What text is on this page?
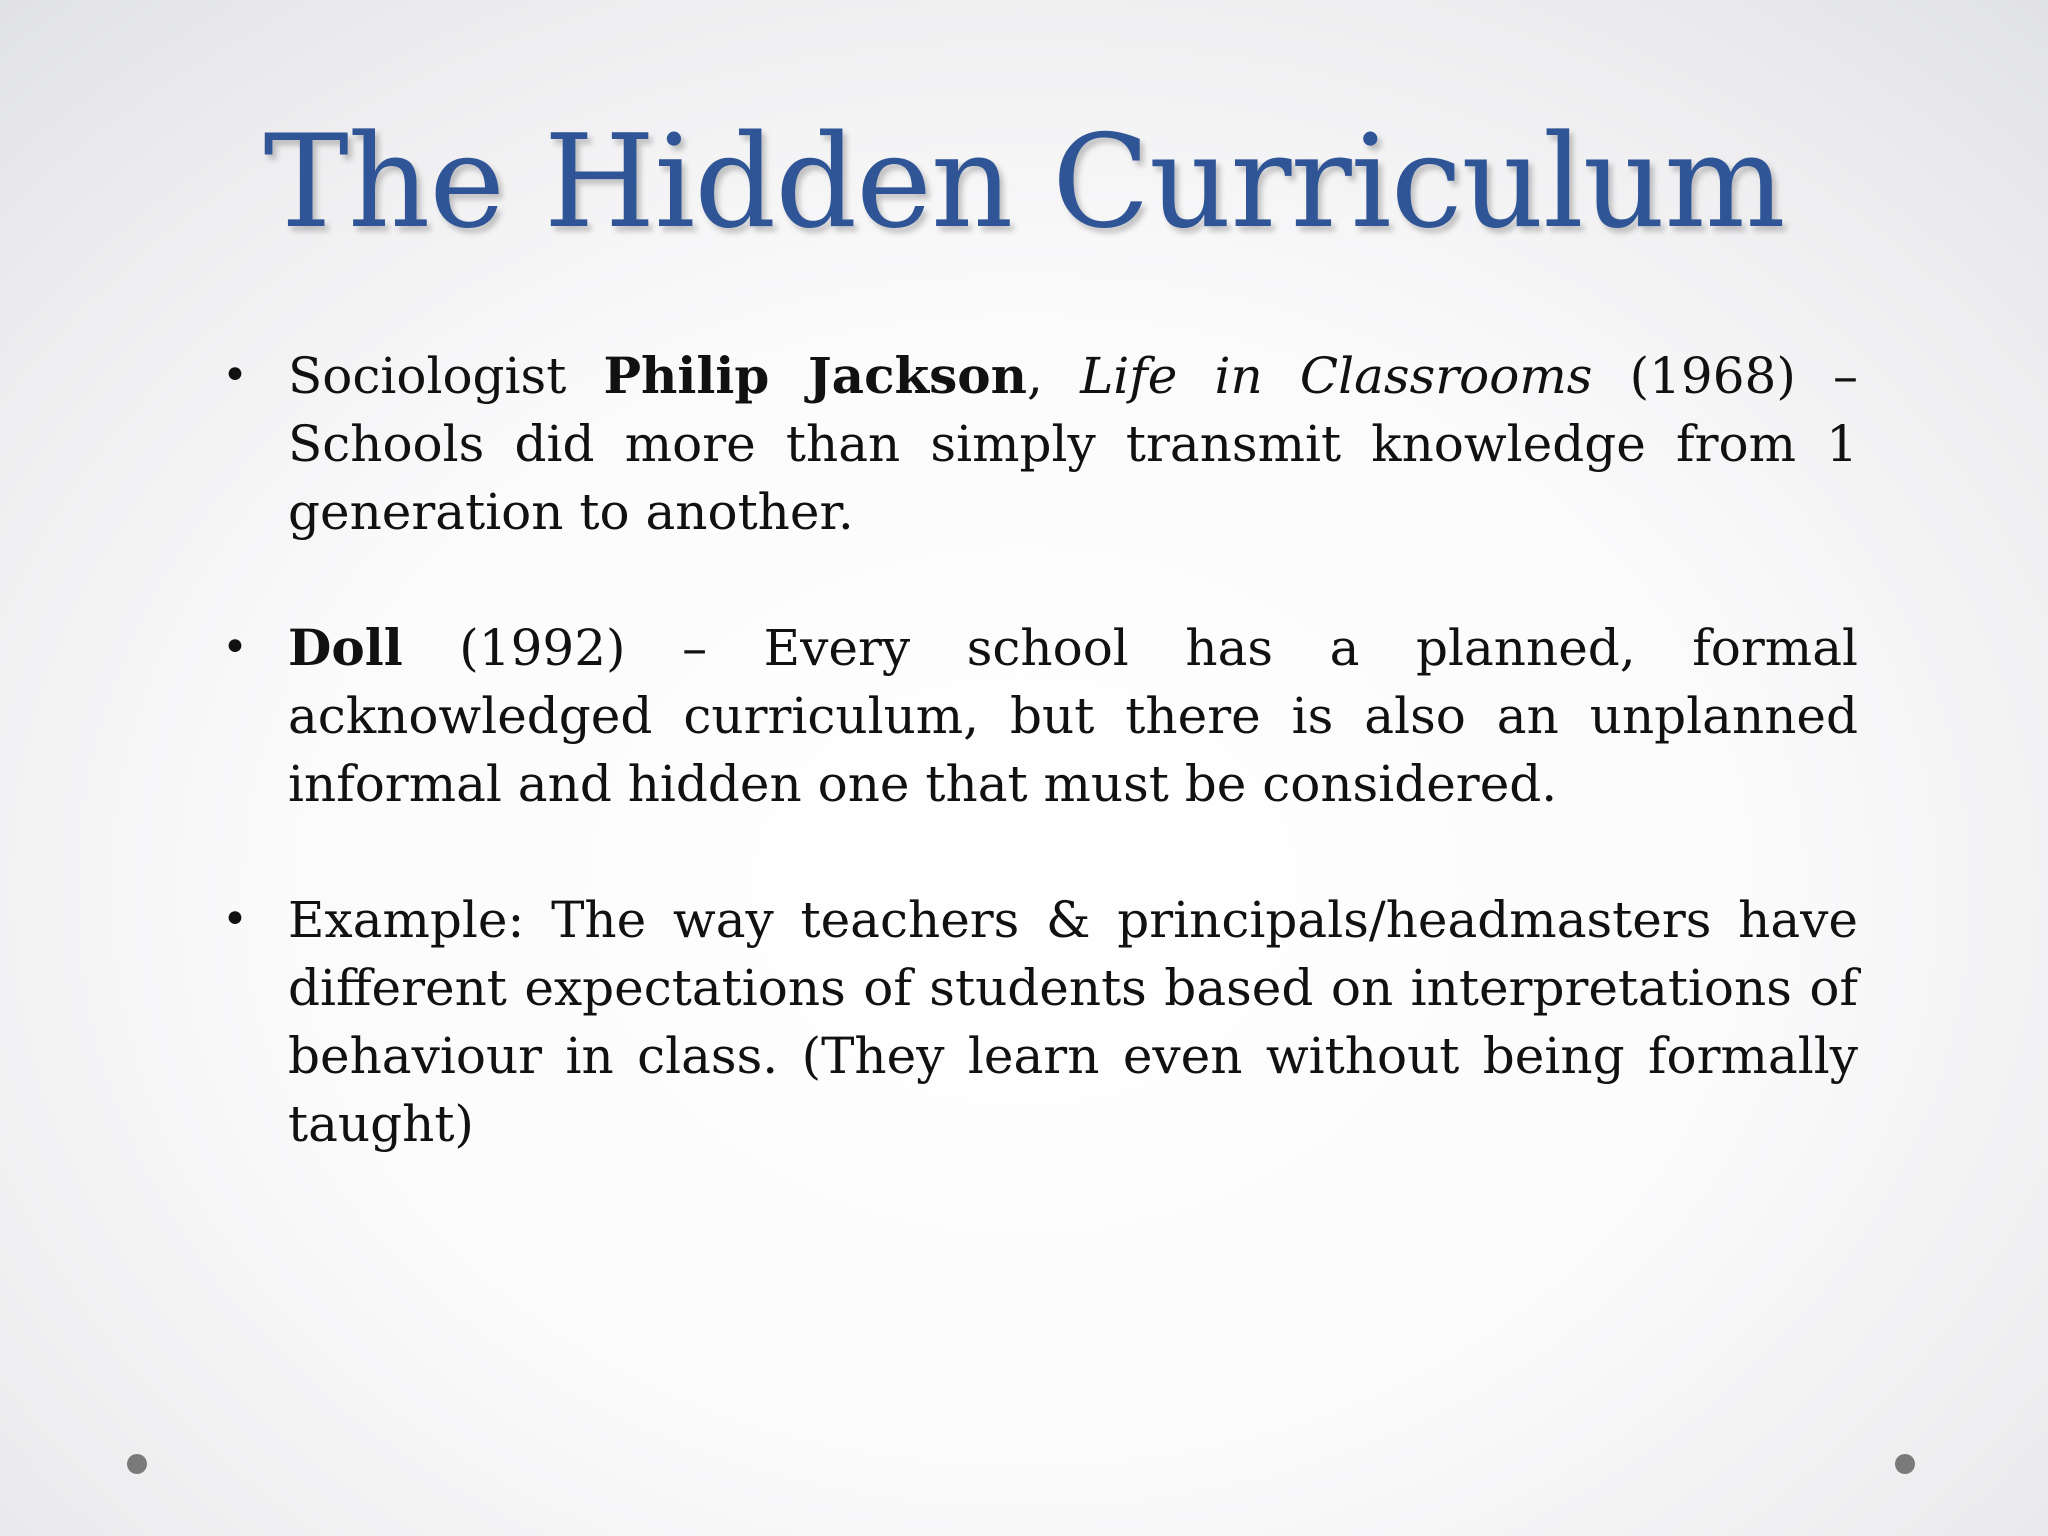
The Hidden Curriculum
• Sociologist Philip Jackson, Life in Classrooms (1968) – Schools did more than simply transmit knowledge from 1 generation to another.
• Doll (1992) – Every school has a planned, formal acknowledged curriculum, but there is also an unplanned informal and hidden one that must be considered.
• Example: The way teachers & principals/headmasters have different expectations of students based on interpretations of behaviour in class. (They learn even without being formally taught)
